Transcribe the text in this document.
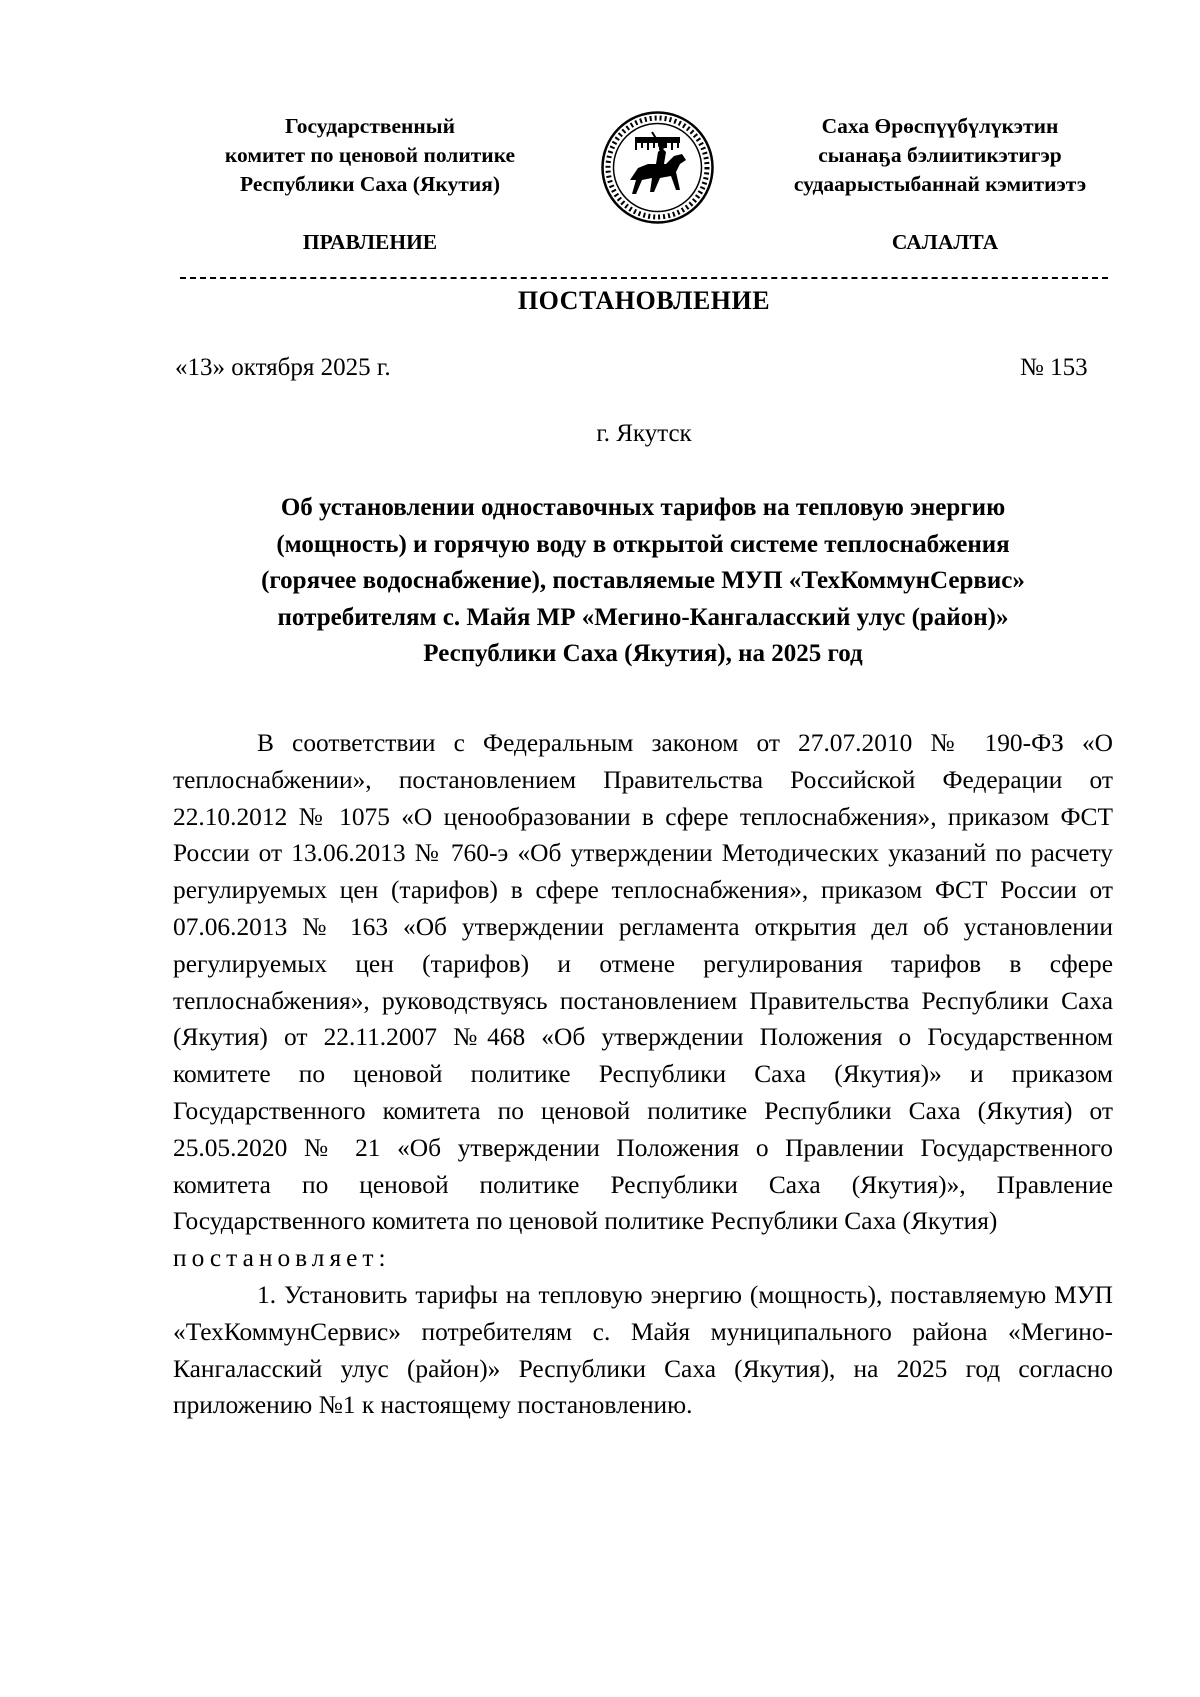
Государственный
комитет по ценовой политике
Республики Саха (Якутия)
Саха Өрөспүүбүлүкэтин
сыанаҕа бэлиитикэтигэр
судаарыстыбаннай кэмитиэтэ
ПРАВЛЕНИЕ	САЛАЛТА
ПОСТАНОВЛЕНИЕ
«13» октября 2025 г.	№ 153
г. Якутск
Об установлении одноставочных тарифов на тепловую энергию
(мощность) и горячую воду в открытой системе теплоснабжения
(горячее водоснабжение), поставляемые МУП «ТехКоммунСервис»
потребителям с. Майя МР «Мегино-Кангаласский улус (район)»
Республики Саха (Якутия), на 2025 год

В соответствии с Федеральным законом от 27.07.2010 № 190-ФЗ «О теплоснабжении», постановлением Правительства Российской Федерации от 22.10.2012 № 1075 «О ценообразовании в сфере теплоснабжения», приказом ФСТ России от 13.06.2013 № 760-э «Об утверждении Методических указаний по расчету регулируемых цен (тарифов) в сфере теплоснабжения», приказом ФСТ России от 07.06.2013 № 163 «Об утверждении регламента открытия дел об установлении регулируемых цен (тарифов) и отмене регулирования тарифов в сфере теплоснабжения», руководствуясь постановлением Правительства Республики Саха (Якутия) от 22.11.2007 №468 «Об утверждении Положения о Государственном комитете по ценовой политике Республики Саха (Якутия)» и приказом Государственного комитета по ценовой политике Республики Саха (Якутия) от 25.05.2020 № 21 «Об утверждении Положения о Правлении Государственного комитета по ценовой политике Республики Саха (Якутия)», Правление Государственного комитета по ценовой политике Республики Саха (Якутия)
постановляет:

1. Установить тарифы на тепловую энергию (мощность), поставляемую МУП «ТехКоммунСервис» потребителям с. Майя муниципального района «Мегино-Кангаласский улус (район)» Республики Саха (Якутия), на 2025 год согласно приложению №1 к настоящему постановлению.
